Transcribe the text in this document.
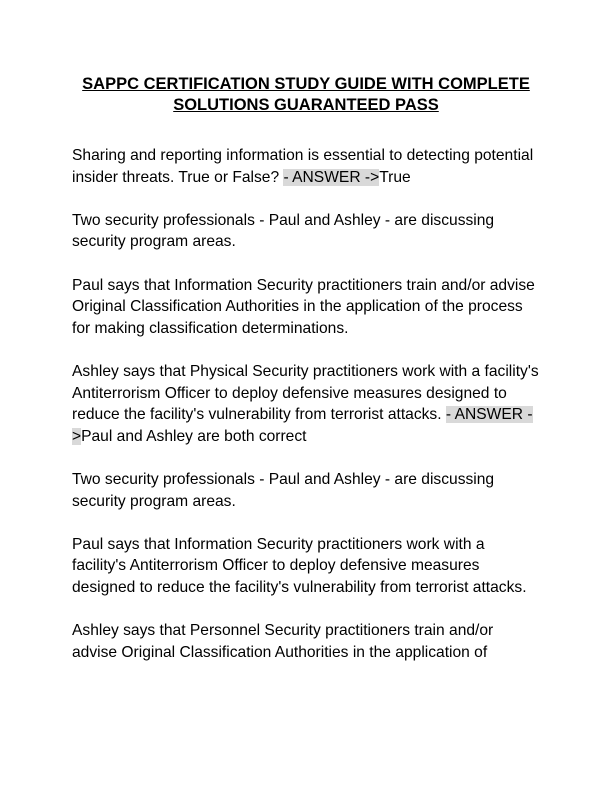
SAPPC CERTIFICATION STUDY GUIDE WITH COMPLETE SOLUTIONS GUARANTEED PASS

Sharing and reporting information is essential to detecting potential insider threats. True or False? - ANSWER ->True

Two security professionals - Paul and Ashley - are discussing security program areas.

Paul says that Information Security practitioners train and/or advise Original Classification Authorities in the application of the process for making classification determinations.

Ashley says that Physical Security practitioners work with a facility's Antiterrorism Officer to deploy defensive measures designed to reduce the facility's vulnerability from terrorist attacks. - ANSWER ->Paul and Ashley are both correct

Two security professionals - Paul and Ashley - are discussing security program areas.

Paul says that Information Security practitioners work with a facility's Antiterrorism Officer to deploy defensive measures designed to reduce the facility's vulnerability from terrorist attacks.

Ashley says that Personnel Security practitioners train and/or advise Original Classification Authorities in the application of
